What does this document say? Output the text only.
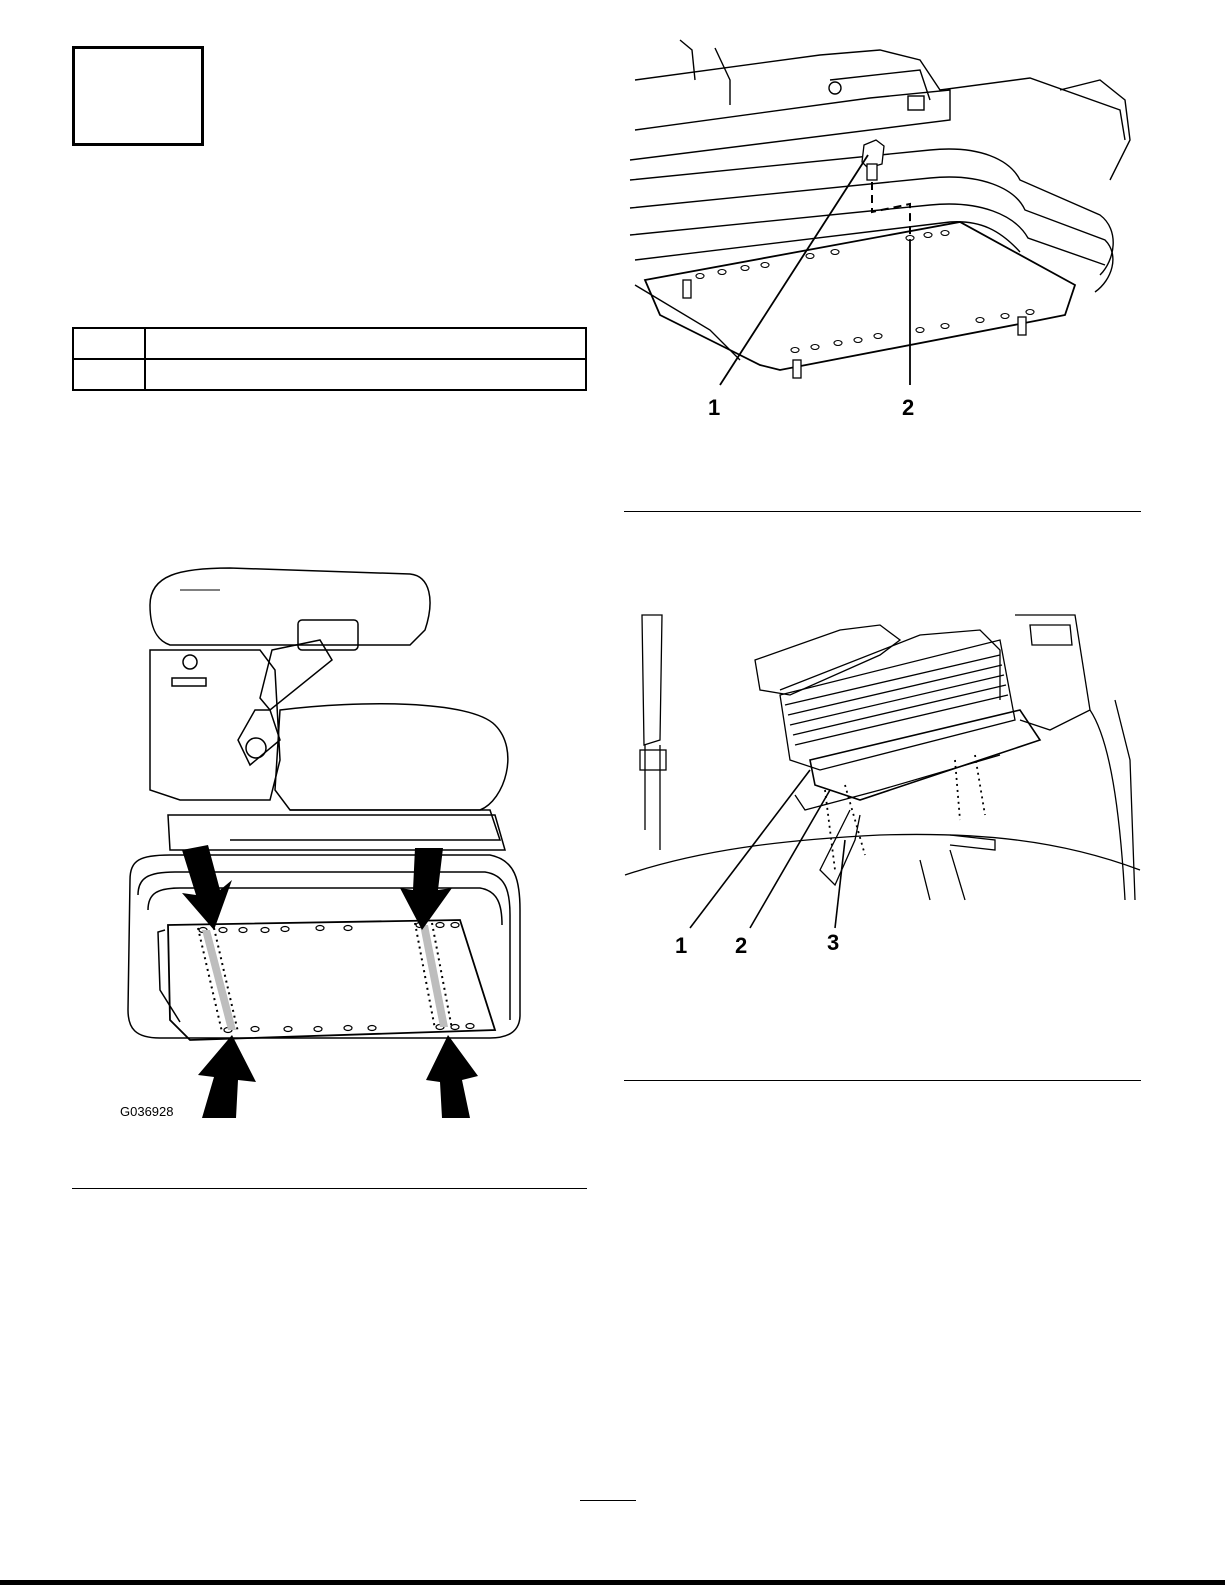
G036928
1	2
1 2	3
